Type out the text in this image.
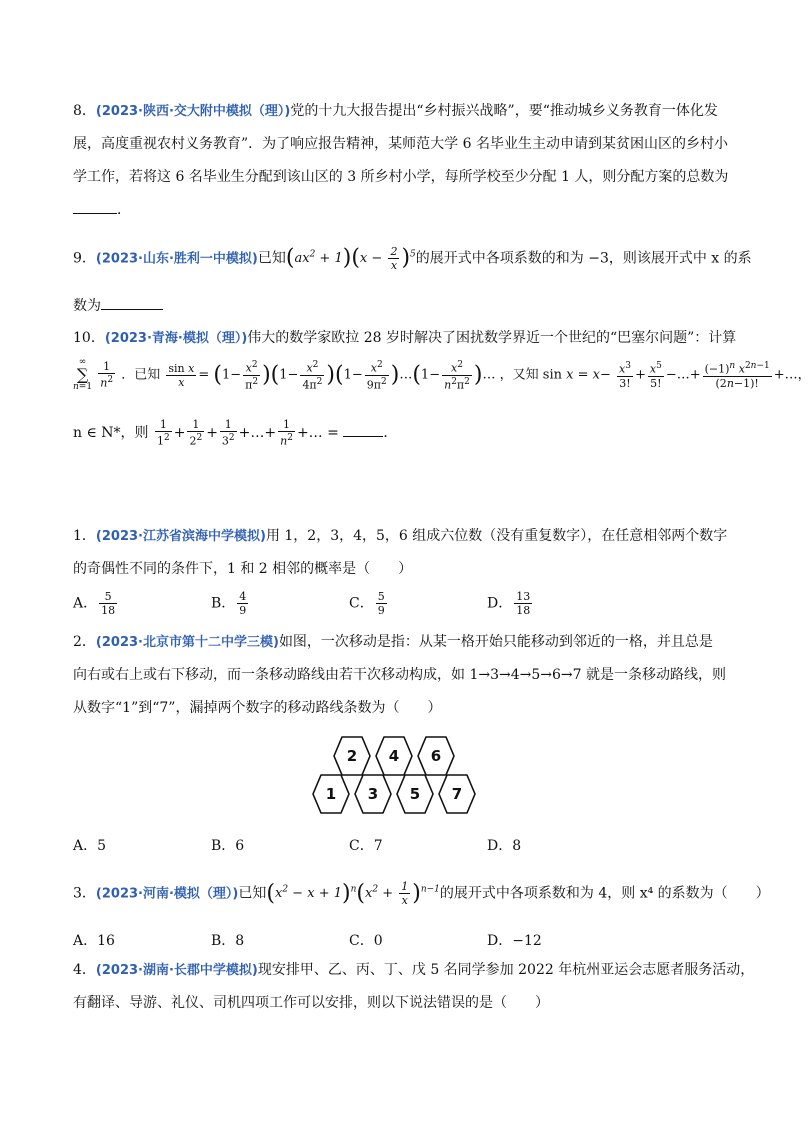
8．(2023·陕西·交大附中模拟（理）)党的十九大报告提出“乡村振兴战略”，要“推动城乡义务教育一体化发
展，高度重视农村义务教育”．为了响应报告精神，某师范大学 6 名毕业生主动申请到某贫困山区的乡村小
学工作，若将这 6 名毕业生分配到该山区的 3 所乡村小学，每所学校至少分配 1 人，则分配方案的总数为
．
9．(2023·山东·胜利一中模拟)已知$(ax^2 + 1)(x - \frac{2}{x} )^5$的展开式中各项系数的和为 −3，则该展开式中 x 的系
数为
10．(2023·青海·模拟（理）)伟大的数学家欧拉 28 岁时解决了困扰数学界近一个世纪的“巴塞尔问题”：计算
∞
∑
$n=1 \frac{1}{n^2}$ ．已知 $\frac{\text{sin x}}{x} = (1- \frac{x^2}{\pi^2} )(1- \frac{x^2}{4\pi^2} )(1- \frac{x^2}{9\pi^2}$ )…(1− $\frac{x^2}{n^2\pi^2}$ )… ，又知 $\sin x = x- \frac{x^3}{3!} + \frac{x^5}{5!}$ −…+ $\frac{(-1)^n x^{2n-1}}{(2n-1)!}$ +…，
n ∈ N*，则 $\frac{1}{1^2} + \frac{1}{2^2} + \frac{1}{3^2}$ +…+ $\frac{1}{n^2}$ +… =	．
1．(2023·江苏省滨海中学模拟)用 1，2，3，4，5，6 组成六位数（没有重复数字），在任意相邻两个数字
的奇偶性不同的条件下，1 和 2 相邻的概率是（　　）
A． $\frac{5}{18}$	B． $\frac{4}{9}$	C． $\frac{5}{9}$	D． $\frac{13}{18}$
2．(2023·北京市第十二中学三模)如图，一次移动是指：从某一格开始只能移动到邻近的一格，并且总是
向右或右上或右下移动，而一条移动路线由若干次移动构成，如 1→3→4→5→6→7 就是一条移动路线，则
从数字“1”到“7”，漏掉两个数字的移动路线条数为（　　）
2 4 6
1 3 5 7
A．5	B．6	C．7	D．8
3．(2023·河南·模拟（理）)已知$(x^2 - x + 1)^n(x^2 + \frac{1}{x} )^{n-1}$的展开式中各项系数和为 4，则 x⁴ 的系数为（　　）
A．16	B．8	C．0	D．−12
4．(2023·湖南·长郡中学模拟)现安排甲、乙、丙、丁、戊 5 名同学参加 2022 年杭州亚运会志愿者服务活动，
有翻译、导游、礼仪、司机四项工作可以安排，则以下说法错误的是（　　）
